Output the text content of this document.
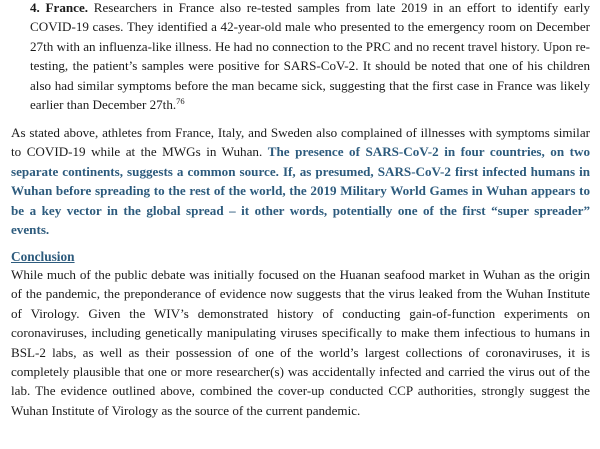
4. France. Researchers in France also re-tested samples from late 2019 in an effort to identify early COVID-19 cases. They identified a 42-year-old male who presented to the emergency room on December 27th with an influenza-like illness. He had no connection to the PRC and no recent travel history. Upon re-testing, the patient’s samples were positive for SARS-CoV-2. It should be noted that one of his children also had similar symptoms before the man became sick, suggesting that the first case in France was likely earlier than December 27th.$^{76}$

As stated above, athletes from France, Italy, and Sweden also complained of illnesses with symptoms similar to COVID-19 while at the MWGs in Wuhan. The presence of SARS-CoV-2 in four countries, on two separate continents, suggests a common source. If, as presumed, SARS-CoV-2 first infected humans in Wuhan before spreading to the rest of the world, the 2019 Military World Games in Wuhan appears to be a key vector in the global spread – it other words, potentially one of the first “super spreader” events.

Conclusion

While much of the public debate was initially focused on the Huanan seafood market in Wuhan as the origin of the pandemic, the preponderance of evidence now suggests that the virus leaked from the Wuhan Institute of Virology. Given the WIV’s demonstrated history of conducting gain-of-function experiments on coronaviruses, including genetically manipulating viruses specifically to make them infectious to humans in BSL-2 labs, as well as their possession of one of the world’s largest collections of coronaviruses, it is completely plausible that one or more researcher(s) was accidentally infected and carried the virus out of the lab. The evidence outlined above, combined the cover-up conducted CCP authorities, strongly suggest the Wuhan Institute of Virology as the source of the current pandemic.
